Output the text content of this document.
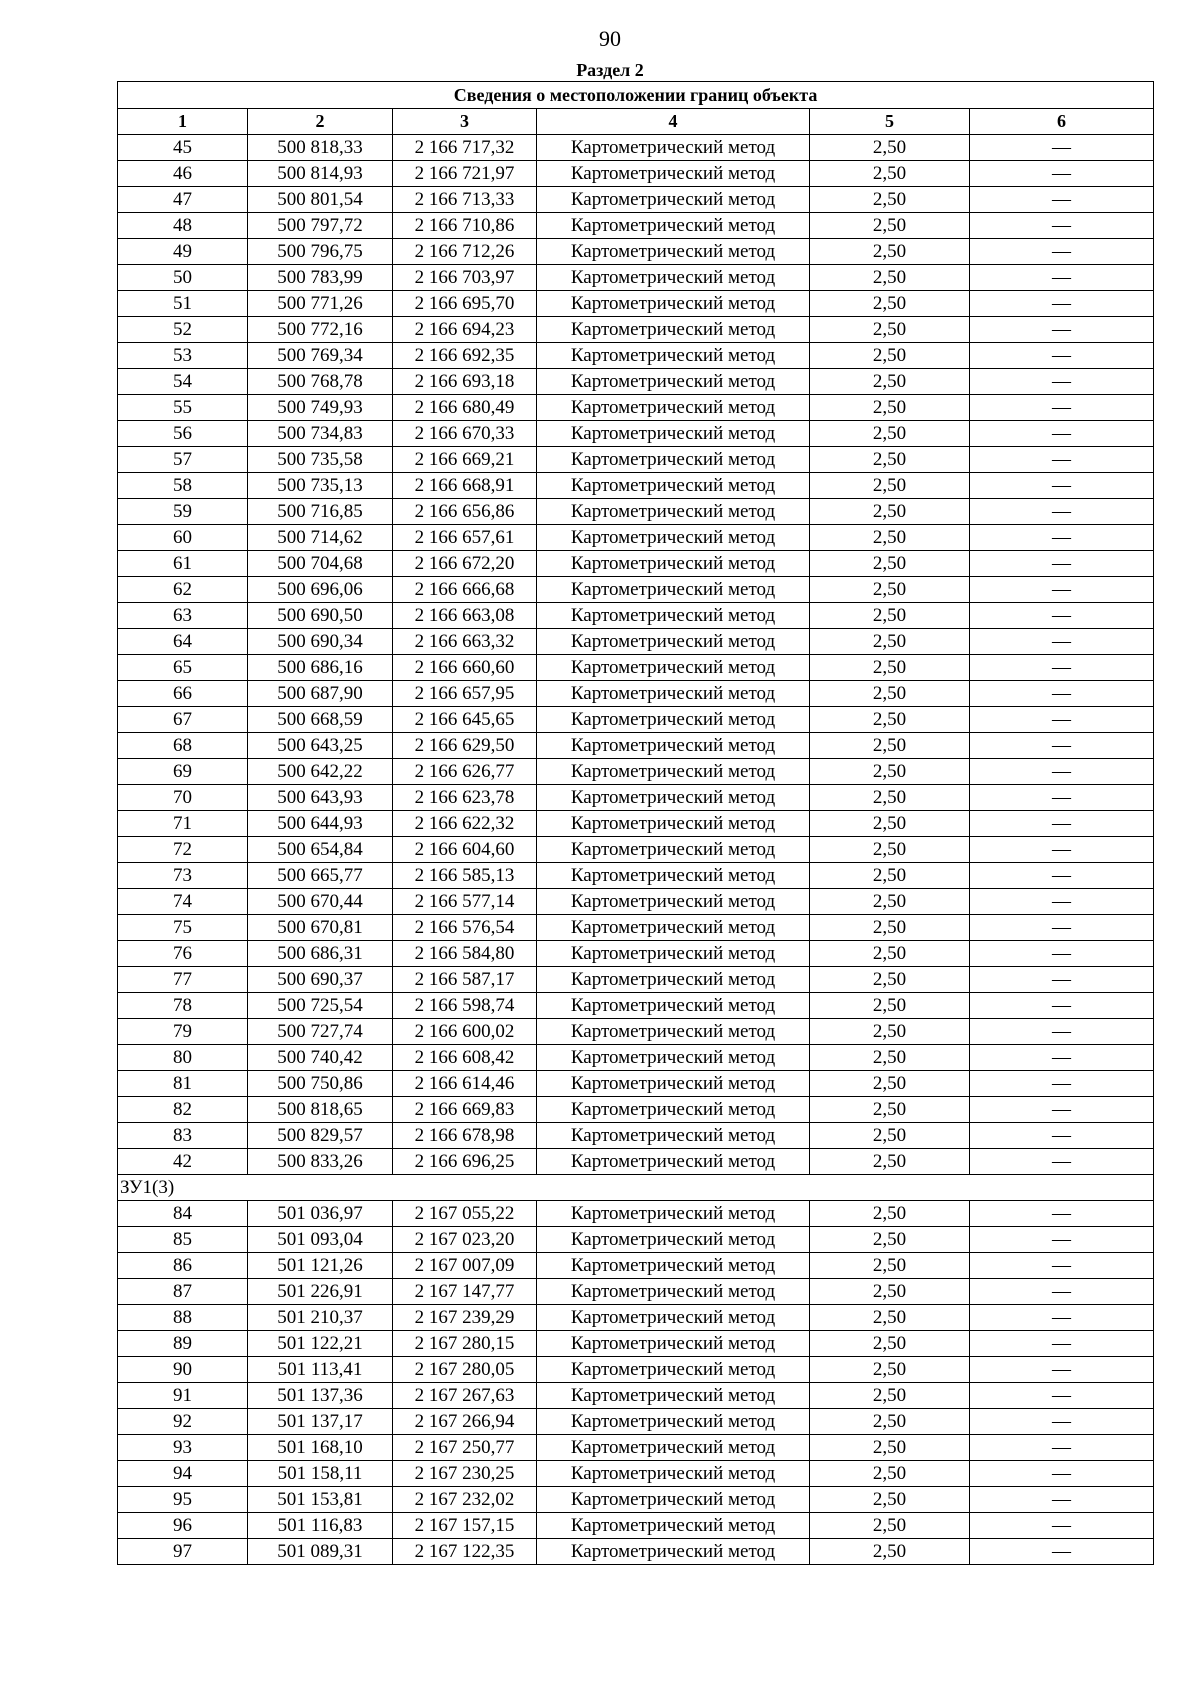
90
Раздел 2
Сведения о местоположении границ объекта					
1	2	3	4	5	6
45	500 818,33	2 166 717,32	Картометрический метод	2,50	—
46	500 814,93	2 166 721,97	Картометрический метод	2,50	—
47	500 801,54	2 166 713,33	Картометрический метод	2,50	—
48	500 797,72	2 166 710,86	Картометрический метод	2,50	—
49	500 796,75	2 166 712,26	Картометрический метод	2,50	—
50	500 783,99	2 166 703,97	Картометрический метод	2,50	—
51	500 771,26	2 166 695,70	Картометрический метод	2,50	—
52	500 772,16	2 166 694,23	Картометрический метод	2,50	—
53	500 769,34	2 166 692,35	Картометрический метод	2,50	—
54	500 768,78	2 166 693,18	Картометрический метод	2,50	—
55	500 749,93	2 166 680,49	Картометрический метод	2,50	—
56	500 734,83	2 166 670,33	Картометрический метод	2,50	—
57	500 735,58	2 166 669,21	Картометрический метод	2,50	—
58	500 735,13	2 166 668,91	Картометрический метод	2,50	—
59	500 716,85	2 166 656,86	Картометрический метод	2,50	—
60	500 714,62	2 166 657,61	Картометрический метод	2,50	—
61	500 704,68	2 166 672,20	Картометрический метод	2,50	—
62	500 696,06	2 166 666,68	Картометрический метод	2,50	—
63	500 690,50	2 166 663,08	Картометрический метод	2,50	—
64	500 690,34	2 166 663,32	Картометрический метод	2,50	—
65	500 686,16	2 166 660,60	Картометрический метод	2,50	—
66	500 687,90	2 166 657,95	Картометрический метод	2,50	—
67	500 668,59	2 166 645,65	Картометрический метод	2,50	—
68	500 643,25	2 166 629,50	Картометрический метод	2,50	—
69	500 642,22	2 166 626,77	Картометрический метод	2,50	—
70	500 643,93	2 166 623,78	Картометрический метод	2,50	—
71	500 644,93	2 166 622,32	Картометрический метод	2,50	—
72	500 654,84	2 166 604,60	Картометрический метод	2,50	—
73	500 665,77	2 166 585,13	Картометрический метод	2,50	—
74	500 670,44	2 166 577,14	Картометрический метод	2,50	—
75	500 670,81	2 166 576,54	Картометрический метод	2,50	—
76	500 686,31	2 166 584,80	Картометрический метод	2,50	—
77	500 690,37	2 166 587,17	Картометрический метод	2,50	—
78	500 725,54	2 166 598,74	Картометрический метод	2,50	—
79	500 727,74	2 166 600,02	Картометрический метод	2,50	—
80	500 740,42	2 166 608,42	Картометрический метод	2,50	—
81	500 750,86	2 166 614,46	Картометрический метод	2,50	—
82	500 818,65	2 166 669,83	Картометрический метод	2,50	—
83	500 829,57	2 166 678,98	Картометрический метод	2,50	—
42	500 833,26	2 166 696,25	Картометрический метод	2,50	—
ЗУ1(3)					
84	501 036,97	2 167 055,22	Картометрический метод	2,50	—
85	501 093,04	2 167 023,20	Картометрический метод	2,50	—
86	501 121,26	2 167 007,09	Картометрический метод	2,50	—
87	501 226,91	2 167 147,77	Картометрический метод	2,50	—
88	501 210,37	2 167 239,29	Картометрический метод	2,50	—
89	501 122,21	2 167 280,15	Картометрический метод	2,50	—
90	501 113,41	2 167 280,05	Картометрический метод	2,50	—
91	501 137,36	2 167 267,63	Картометрический метод	2,50	—
92	501 137,17	2 167 266,94	Картометрический метод	2,50	—
93	501 168,10	2 167 250,77	Картометрический метод	2,50	—
94	501 158,11	2 167 230,25	Картометрический метод	2,50	—
95	501 153,81	2 167 232,02	Картометрический метод	2,50	—
96	501 116,83	2 167 157,15	Картометрический метод	2,50	—
97	501 089,31	2 167 122,35	Картометрический метод	2,50	—
